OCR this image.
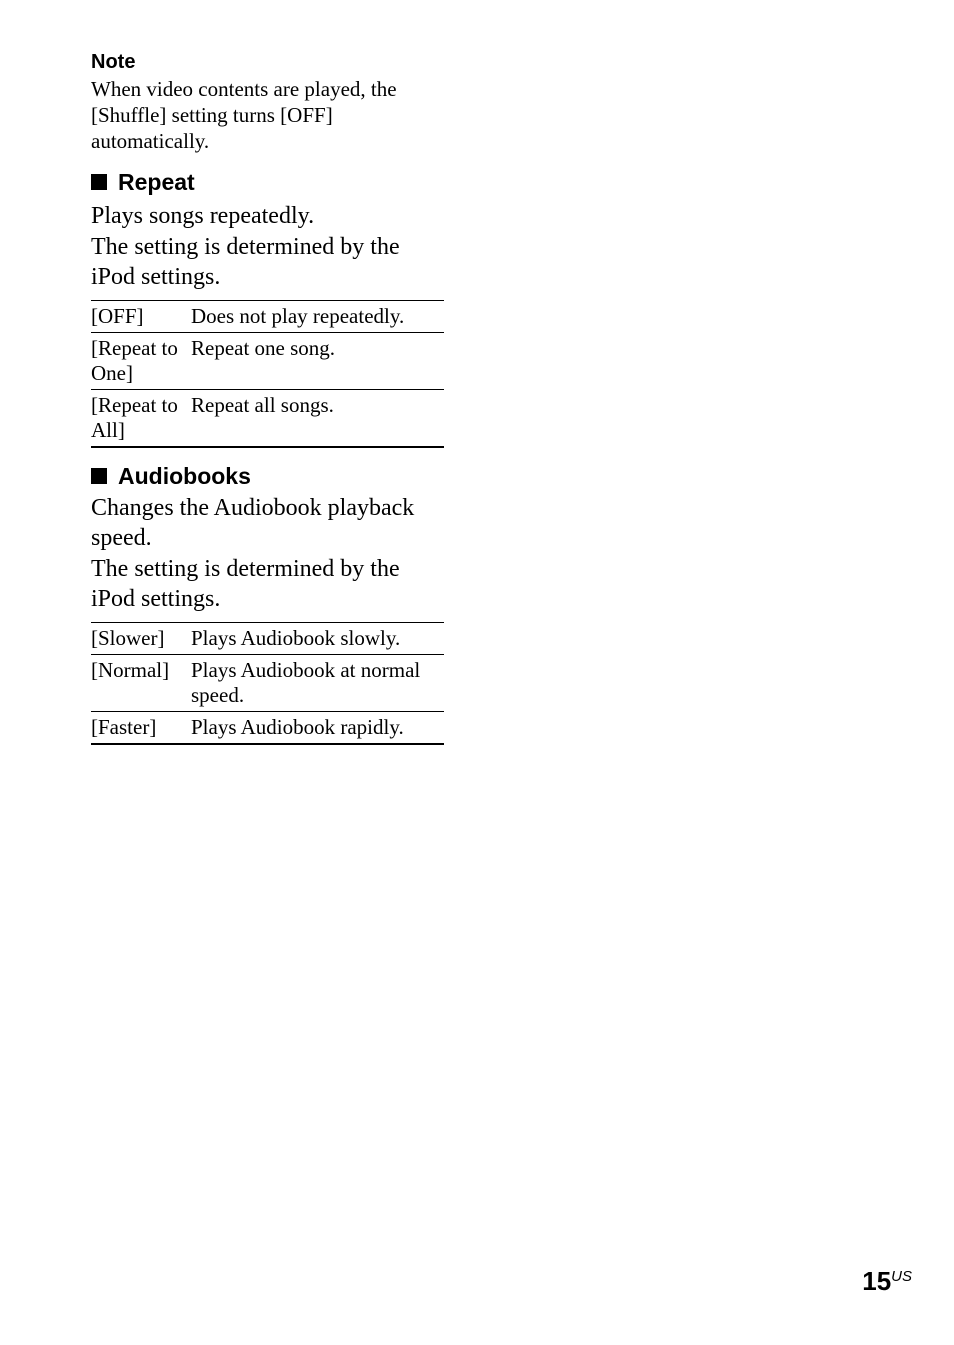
Note
When video contents are played, the
[Shuffle] setting turns [OFF]
automatically.
Repeat
Plays songs repeatedly.
The setting is determined by the
iPod settings.
[OFF]	Does not play repeatedly.
[Repeat to One]	Repeat one song.
[Repeat to All]	Repeat all songs.
Audiobooks
Changes the Audiobook playback
speed.
The setting is determined by the
iPod settings.
[Slower]	Plays Audiobook slowly.
[Normal]	Plays Audiobook at normal speed.
[Faster]	Plays Audiobook rapidly.
15US
